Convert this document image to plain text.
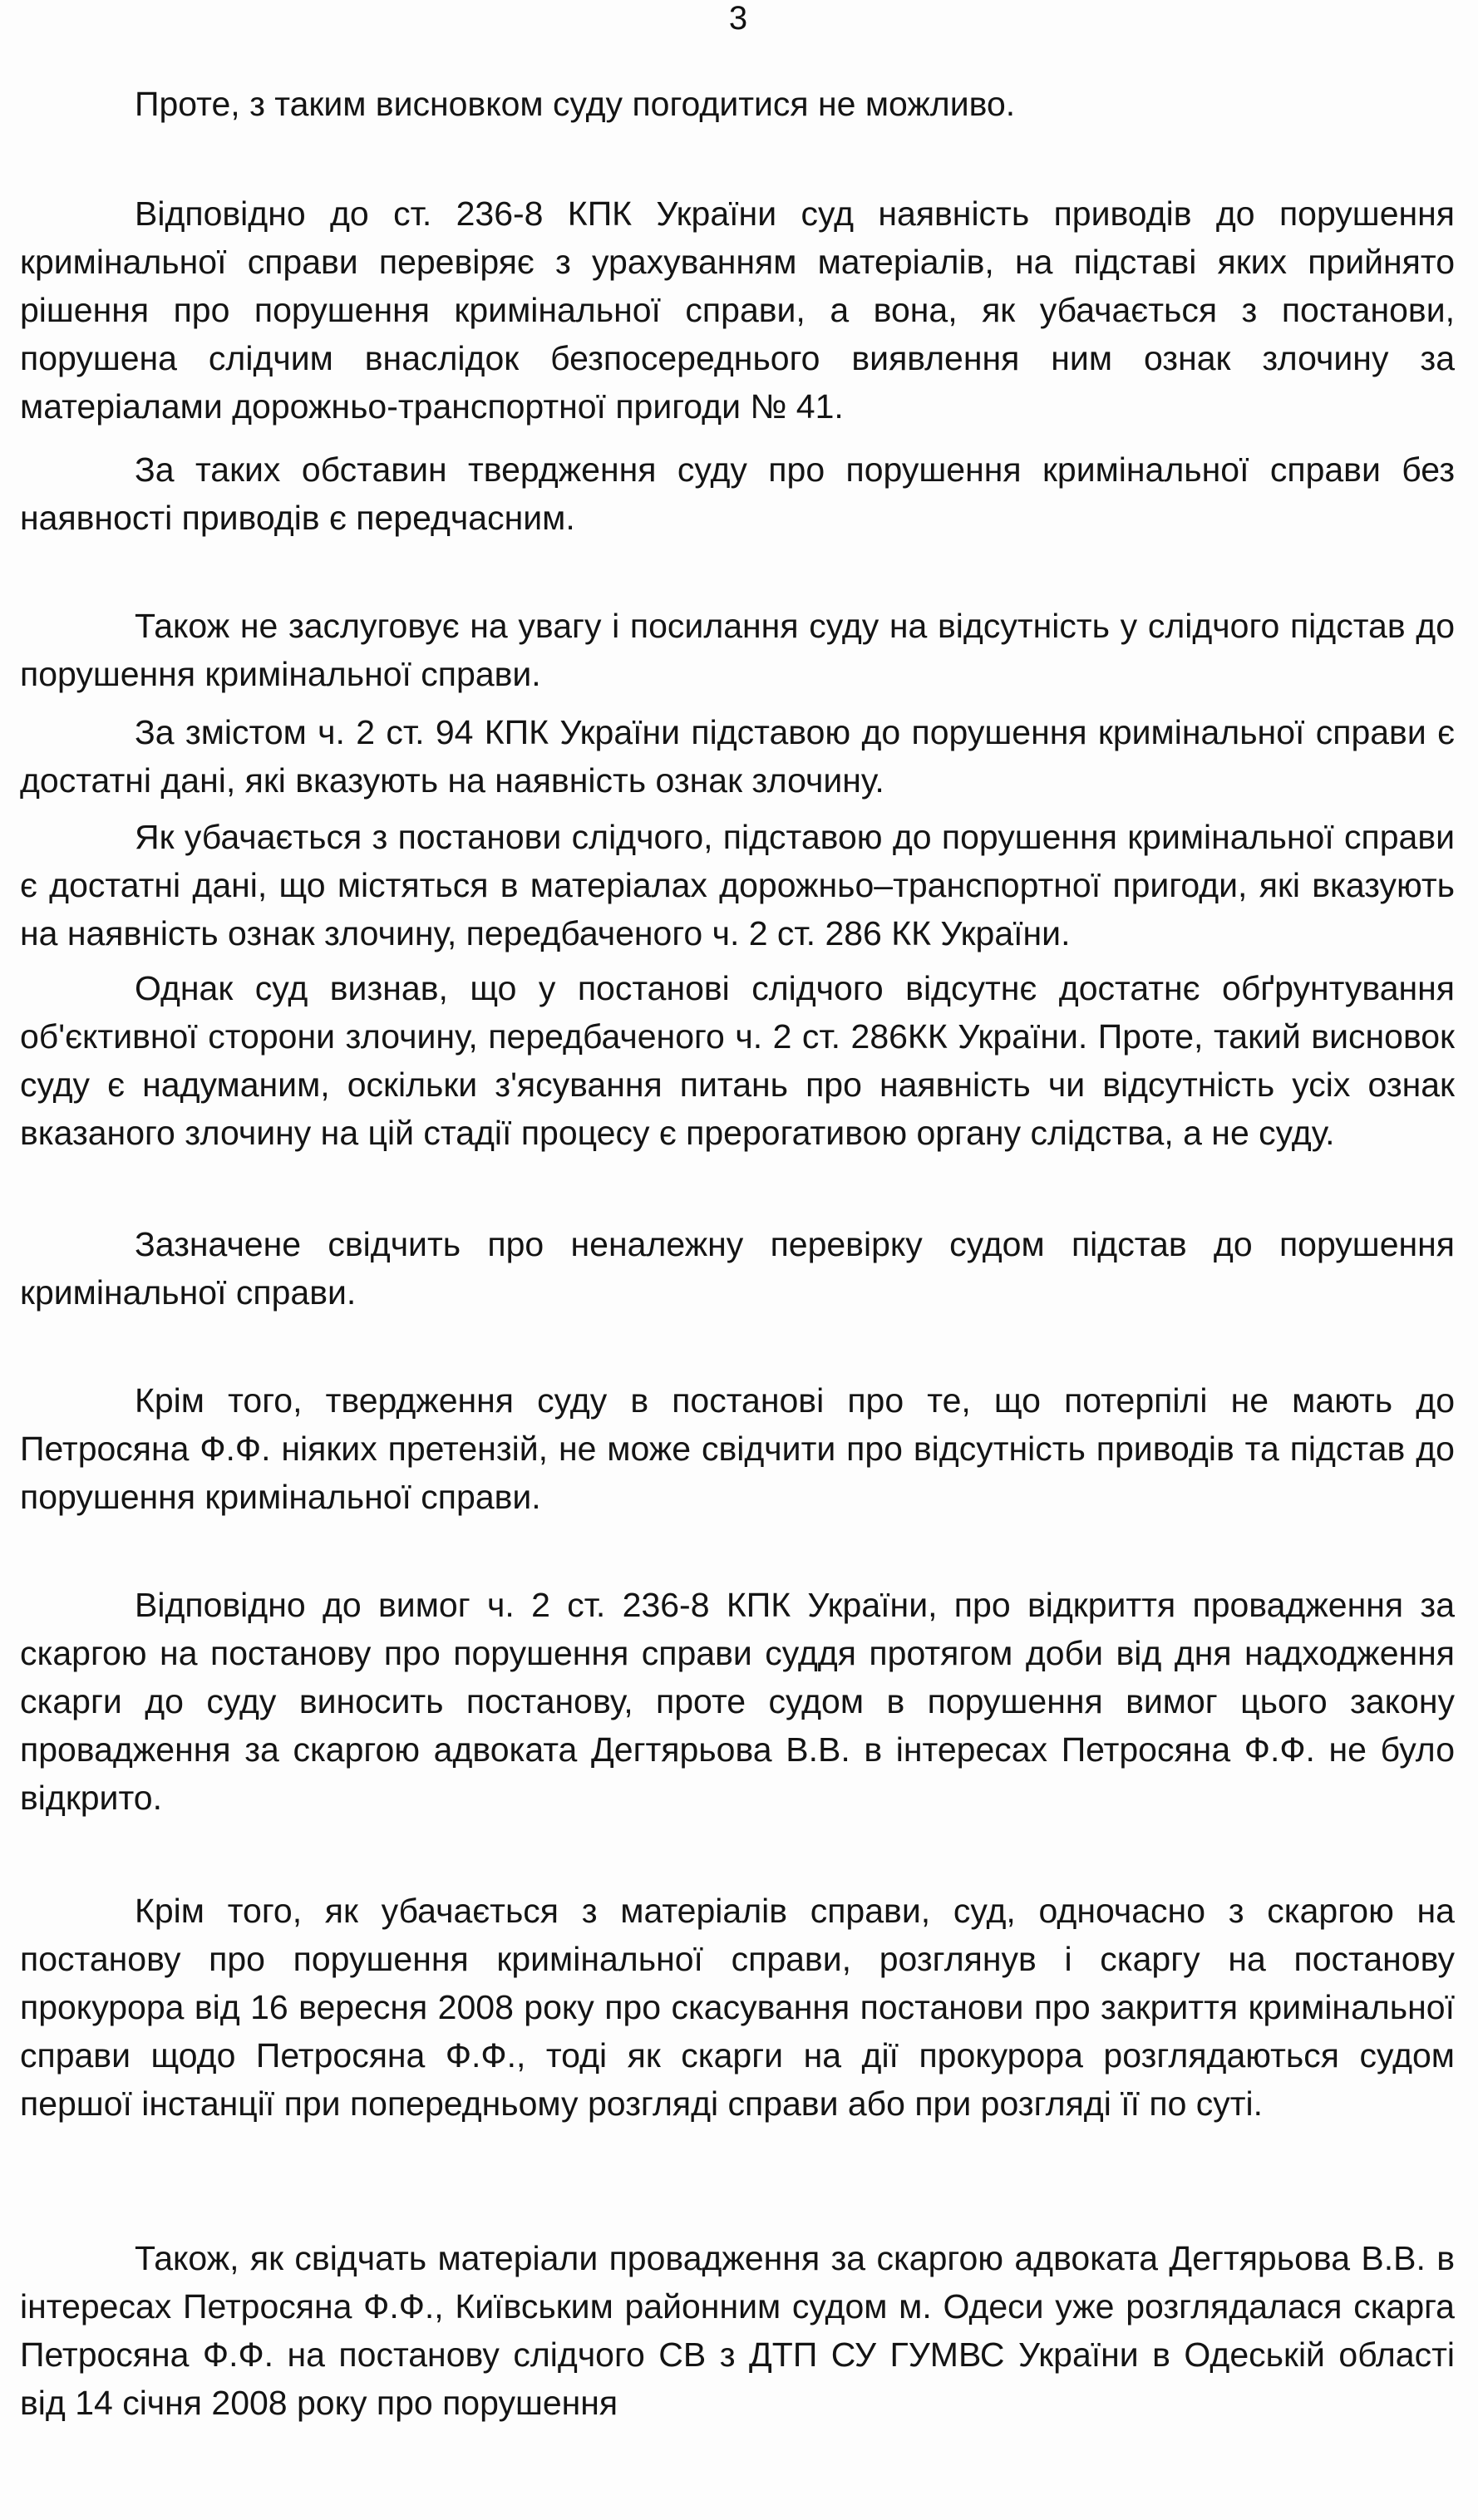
3

Проте, з таким висновком суду погодитися не можливо.

Відповідно до ст. 236-8 КПК України суд наявність приводів до порушення кримінальної справи перевіряє з урахуванням матеріалів, на підставі яких прийнято рішення про порушення кримінальної справи, а вона, як убачається з постанови, порушена слідчим внаслідок безпосереднього виявлення ним ознак злочину за матеріалами дорожньо-транспортної пригоди № 41.

За таких обставин твердження суду про порушення кримінальної справи без наявності приводів є передчасним.

Також не заслуговує на увагу і посилання суду на відсутність у слідчого підстав до порушення кримінальної справи.

За змістом ч. 2 ст. 94 КПК України підставою до порушення кримінальної справи є достатні дані, які вказують на наявність ознак злочину.

Як убачається з постанови слідчого, підставою до порушення кримінальної справи є достатні дані, що містяться в матеріалах дорожньо–транспортної пригоди, які вказують на наявність ознак злочину, передбаченого ч. 2 ст. 286 КК України.

Однак суд визнав, що у постанові слідчого відсутнє достатнє обґрунтування об'єктивної сторони злочину, передбаченого ч. 2 ст. 286КК України. Проте, такий висновок суду є надуманим, оскільки з'ясування питань про наявність чи відсутність усіх ознак вказаного злочину на цій стадії процесу є прерогативою органу слідства, а не суду.

Зазначене свідчить про неналежну перевірку судом підстав до порушення кримінальної справи.

Крім того, твердження суду в постанові про те, що потерпілі не мають до Петросяна Ф.Ф. ніяких претензій, не може свідчити про відсутність приводів та підстав до порушення кримінальної справи.

Відповідно до вимог ч. 2 ст. 236-8 КПК України, про відкриття провадження за скаргою на постанову про порушення справи суддя протягом доби від дня надходження скарги до суду виносить постанову, проте судом в порушення вимог цього закону провадження за скаргою адвоката Дегтярьова В.В. в інтересах Петросяна Ф.Ф. не було відкрито.

Крім того, як убачається з матеріалів справи, суд, одночасно з скаргою на постанову про порушення кримінальної справи, розглянув і скаргу на постанову прокурора від 16 вересня 2008 року про скасування постанови про закриття кримінальної справи щодо Петросяна Ф.Ф., тоді як скарги на дії прокурора розглядаються судом першої інстанції при попередньому розгляді справи або при розгляді її по суті.

Також, як свідчать матеріали провадження за скаргою адвоката Дегтярьова В.В. в інтересах Петросяна Ф.Ф., Київським районним судом м. Одеси уже розглядалася скарга Петросяна Ф.Ф. на постанову слідчого СВ з ДТП СУ ГУМВС України в Одеській області від 14 січня 2008 року про порушення
